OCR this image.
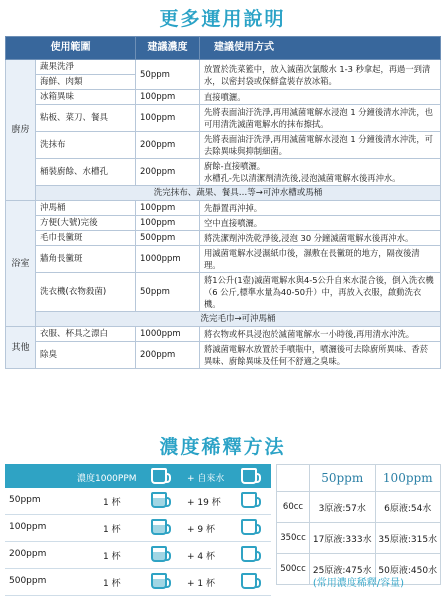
更多運用說明
使用範圍		建議濃度	建議使用方式
廚房	蔬果洗淨	50ppm	放置於洗菜籃中，放入滅菌次氯酸水 1-3 秒拿起，再過一到清水，以密封袋或保鮮盒裝存放冰箱。
	海鮮、肉類		
	冰箱異味	100ppm	直接噴灑。
	粘板、菜刀、餐具	100ppm	先將表面油汙洗淨,再用滅菌電解水浸泡 1 分鐘後清水沖洗，也可用清洗滅菌電解水的抹布擦拭。
	洗抹布	200ppm	先將表面油汙洗淨,再用滅菌電解水浸泡 1 分鐘後清水沖洗，可去除異味與抑制細菌。
	桶裝廚餘、水槽孔	200ppm	廚餘-直接噴灑。
水槽孔-先以清潔劑清洗後,浸泡滅菌電解水後再沖水。

	洗完抹布、蔬果、餐具…等→可沖水槽或馬桶		
浴室	沖馬桶	100ppm	先靜置再沖掉。
	方便(大號)完後	100ppm	空中直接噴灑。
	毛巾長黴斑	500ppm	將洗潔劑沖洗乾淨後,浸泡 30 分鐘滅菌電解水後再沖水。
	牆角長黴斑	1000ppm	用滅菌電解水浸濕紙巾後，濕敷在長黴斑的地方，隔夜後清理。
	洗衣機(衣物殺菌)	50ppm	將1公升(1壺)滅菌電解水與4-5公升自來水混合後，倒入洗衣機（6 公斤,標準水量為40-50升）中，再放入衣服，啟動洗衣機。
	洗完毛巾→可沖馬桶		
其他	衣服、杯具之漂白	1000ppm	將衣物或杯具浸泡於滅菌電解水一小時後,再用清水沖洗。
	除臭	200ppm	將滅菌電解水放置於手噴瓶中，噴灑後可去除廚所異味、香菸異味、廚餘異味及任何不舒適之臭味。
濃度稀釋方法
濃度1000PPM	+ 自來水
50ppm	1 杯	+ 19 杯
100ppm	1 杯	+ 9 杯
200ppm	1 杯	+ 4 杯
500ppm	1 杯	+ 1 杯
	50ppm	100ppm
60cc	3原液:57水	6原液:54水
350cc	17原液:333水	35原液:315水
500cc	25原液:475水	50原液:450水
(常用濃度稀釋/容量)
